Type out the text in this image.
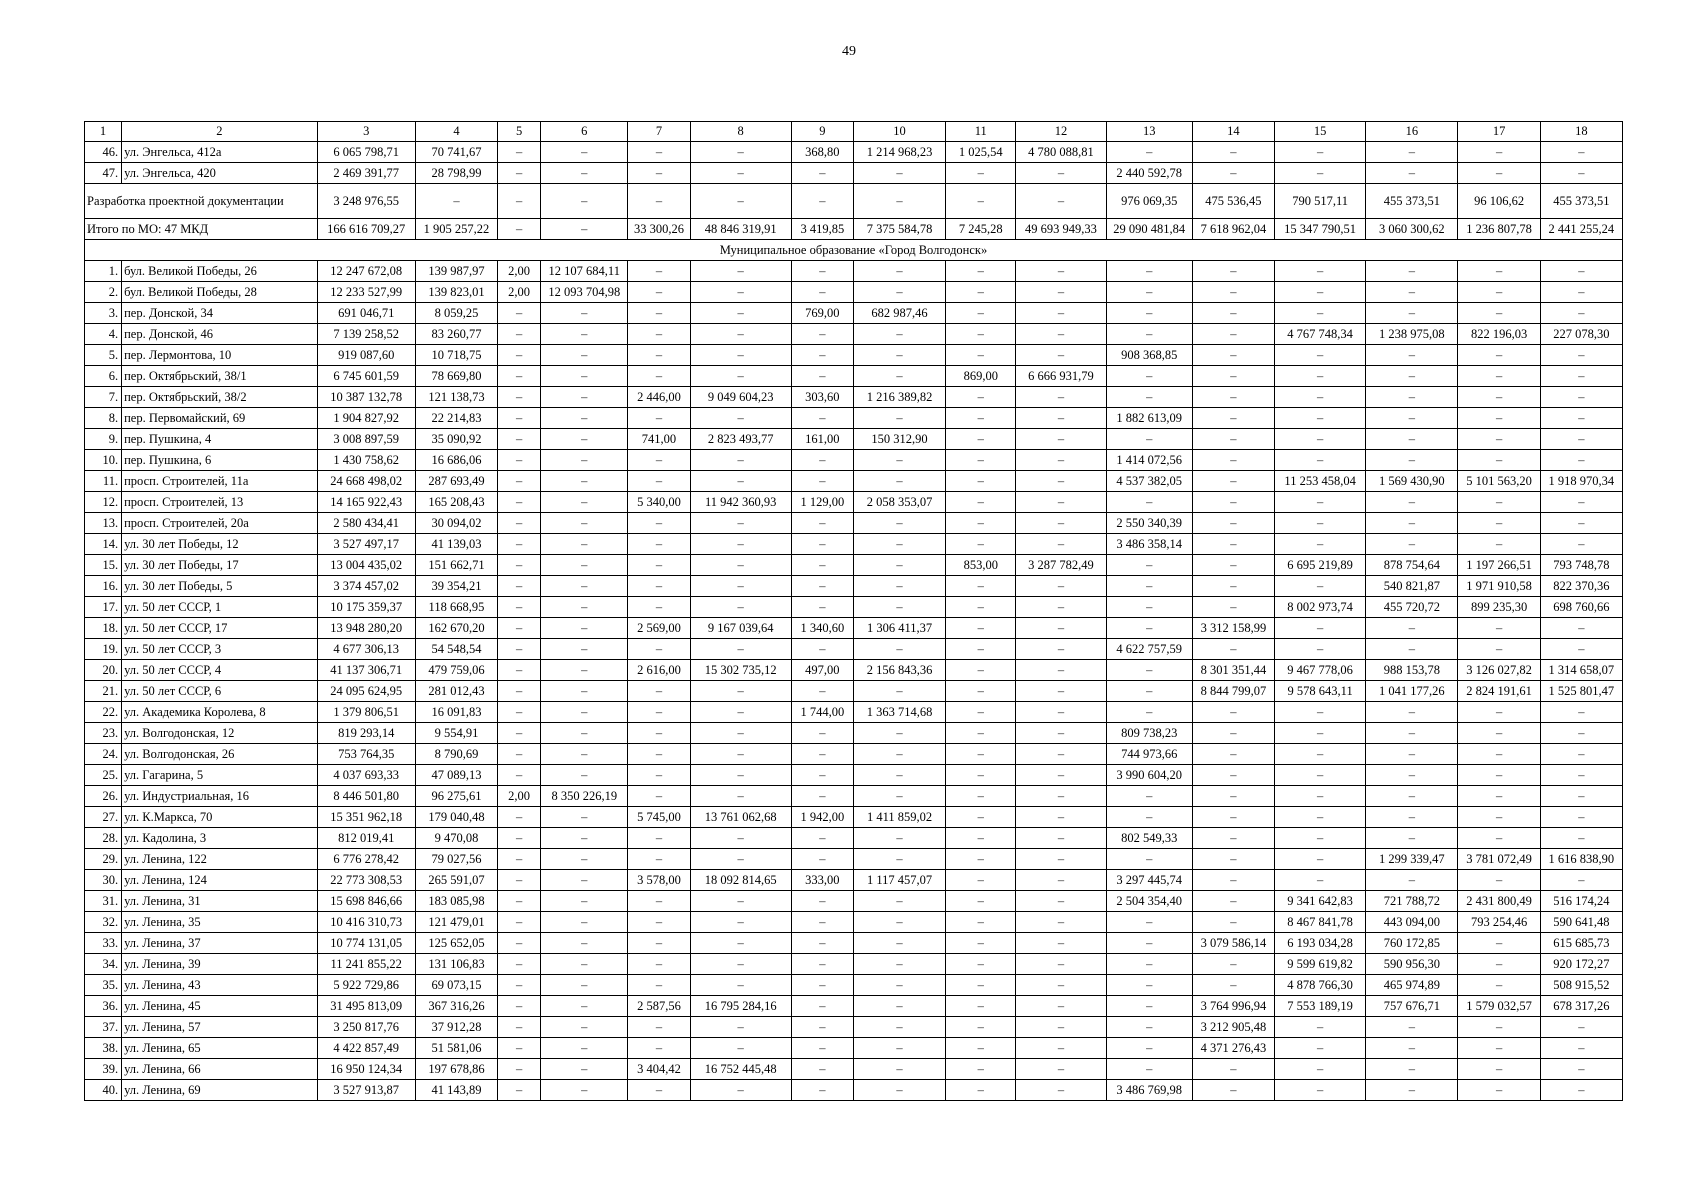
49
1	2	3	4	5	6	7	8	9	10	11	12	13	14	15	16	17	18
46.	ул. Энгельса, 412а	6 065 798,71	70 741,67	–	–	–	–	368,80	1 214 968,23	1 025,54	4 780 088,81	–	–	–	–	–	–
47.	ул. Энгельса, 420	2 469 391,77	28 798,99	–	–	–	–	–	–	–	–	2 440 592,78	–	–	–	–	–
Разработка проектной документации		3 248 976,55	–	–	–	–	–	–	–	–	–	976 069,35	475 536,45	790 517,11	455 373,51	96 106,62	455 373,51
Итого по МО: 47 МКД		166 616 709,27	1 905 257,22	–	–	33 300,26	48 846 319,91	3 419,85	7 375 584,78	7 245,28	49 693 949,33	29 090 481,84	7 618 962,04	15 347 790,51	3 060 300,62	1 236 807,78	2 441 255,24
Муниципальное образование «Город Волгодонск»																	
1.	бул. Великой Победы, 26	12 247 672,08	139 987,97	2,00	12 107 684,11	–	–	–	–	–	–	–	–	–	–	–	–
2.	бул. Великой Победы, 28	12 233 527,99	139 823,01	2,00	12 093 704,98	–	–	–	–	–	–	–	–	–	–	–	–
3.	пер. Донской, 34	691 046,71	8 059,25	–	–	–	–	769,00	682 987,46	–	–	–	–	–	–	–	–
4.	пер. Донской, 46	7 139 258,52	83 260,77	–	–	–	–	–	–	–	–	–	–	4 767 748,34	1 238 975,08	822 196,03	227 078,30
5.	пер. Лермонтова, 10	919 087,60	10 718,75	–	–	–	–	–	–	–	–	908 368,85	–	–	–	–	–
6.	пер. Октябрьский, 38/1	6 745 601,59	78 669,80	–	–	–	–	–	–	869,00	6 666 931,79	–	–	–	–	–	–
7.	пер. Октябрьский, 38/2	10 387 132,78	121 138,73	–	–	2 446,00	9 049 604,23	303,60	1 216 389,82	–	–	–	–	–	–	–	–
8.	пер. Первомайский, 69	1 904 827,92	22 214,83	–	–	–	–	–	–	–	–	1 882 613,09	–	–	–	–	–
9.	пер. Пушкина, 4	3 008 897,59	35 090,92	–	–	741,00	2 823 493,77	161,00	150 312,90	–	–	–	–	–	–	–	–
10.	пер. Пушкина, 6	1 430 758,62	16 686,06	–	–	–	–	–	–	–	–	1 414 072,56	–	–	–	–	–
11.	просп. Строителей, 11а	24 668 498,02	287 693,49	–	–	–	–	–	–	–	–	4 537 382,05	–	11 253 458,04	1 569 430,90	5 101 563,20	1 918 970,34
12.	просп. Строителей, 13	14 165 922,43	165 208,43	–	–	5 340,00	11 942 360,93	1 129,00	2 058 353,07	–	–	–	–	–	–	–	–
13.	просп. Строителей, 20а	2 580 434,41	30 094,02	–	–	–	–	–	–	–	–	2 550 340,39	–	–	–	–	–
14.	ул. 30 лет Победы, 12	3 527 497,17	41 139,03	–	–	–	–	–	–	–	–	3 486 358,14	–	–	–	–	–
15.	ул. 30 лет Победы, 17	13 004 435,02	151 662,71	–	–	–	–	–	–	853,00	3 287 782,49	–	–	6 695 219,89	878 754,64	1 197 266,51	793 748,78
16.	ул. 30 лет Победы, 5	3 374 457,02	39 354,21	–	–	–	–	–	–	–	–	–	–	–	540 821,87	1 971 910,58	822 370,36
17.	ул. 50 лет СССР, 1	10 175 359,37	118 668,95	–	–	–	–	–	–	–	–	–	–	8 002 973,74	455 720,72	899 235,30	698 760,66
18.	ул. 50 лет СССР, 17	13 948 280,20	162 670,20	–	–	2 569,00	9 167 039,64	1 340,60	1 306 411,37	–	–	–	3 312 158,99	–	–	–	–
19.	ул. 50 лет СССР, 3	4 677 306,13	54 548,54	–	–	–	–	–	–	–	–	4 622 757,59	–	–	–	–	–
20.	ул. 50 лет СССР, 4	41 137 306,71	479 759,06	–	–	2 616,00	15 302 735,12	497,00	2 156 843,36	–	–	–	8 301 351,44	9 467 778,06	988 153,78	3 126 027,82	1 314 658,07
21.	ул. 50 лет СССР, 6	24 095 624,95	281 012,43	–	–	–	–	–	–	–	–	–	8 844 799,07	9 578 643,11	1 041 177,26	2 824 191,61	1 525 801,47
22.	ул. Академика Королева, 8	1 379 806,51	16 091,83	–	–	–	–	1 744,00	1 363 714,68	–	–	–	–	–	–	–	–
23.	ул. Волгодонская, 12	819 293,14	9 554,91	–	–	–	–	–	–	–	–	809 738,23	–	–	–	–	–
24.	ул. Волгодонская, 26	753 764,35	8 790,69	–	–	–	–	–	–	–	–	744 973,66	–	–	–	–	–
25.	ул. Гагарина, 5	4 037 693,33	47 089,13	–	–	–	–	–	–	–	–	3 990 604,20	–	–	–	–	–
26.	ул. Индустриальная, 16	8 446 501,80	96 275,61	2,00	8 350 226,19	–	–	–	–	–	–	–	–	–	–	–	–
27.	ул. К.Маркса, 70	15 351 962,18	179 040,48	–	–	5 745,00	13 761 062,68	1 942,00	1 411 859,02	–	–	–	–	–	–	–	–
28.	ул. Кадолина, 3	812 019,41	9 470,08	–	–	–	–	–	–	–	–	802 549,33	–	–	–	–	–
29.	ул. Ленина, 122	6 776 278,42	79 027,56	–	–	–	–	–	–	–	–	–	–	–	1 299 339,47	3 781 072,49	1 616 838,90
30.	ул. Ленина, 124	22 773 308,53	265 591,07	–	–	3 578,00	18 092 814,65	333,00	1 117 457,07	–	–	3 297 445,74	–	–	–	–	–
31.	ул. Ленина, 31	15 698 846,66	183 085,98	–	–	–	–	–	–	–	–	2 504 354,40	–	9 341 642,83	721 788,72	2 431 800,49	516 174,24
32.	ул. Ленина, 35	10 416 310,73	121 479,01	–	–	–	–	–	–	–	–	–	–	8 467 841,78	443 094,00	793 254,46	590 641,48
33.	ул. Ленина, 37	10 774 131,05	125 652,05	–	–	–	–	–	–	–	–	–	3 079 586,14	6 193 034,28	760 172,85	–	615 685,73
34.	ул. Ленина, 39	11 241 855,22	131 106,83	–	–	–	–	–	–	–	–	–	–	9 599 619,82	590 956,30	–	920 172,27
35.	ул. Ленина, 43	5 922 729,86	69 073,15	–	–	–	–	–	–	–	–	–	–	4 878 766,30	465 974,89	–	508 915,52
36.	ул. Ленина, 45	31 495 813,09	367 316,26	–	–	2 587,56	16 795 284,16	–	–	–	–	–	3 764 996,94	7 553 189,19	757 676,71	1 579 032,57	678 317,26
37.	ул. Ленина, 57	3 250 817,76	37 912,28	–	–	–	–	–	–	–	–	–	3 212 905,48	–	–	–	–
38.	ул. Ленина, 65	4 422 857,49	51 581,06	–	–	–	–	–	–	–	–	–	4 371 276,43	–	–	–	–
39.	ул. Ленина, 66	16 950 124,34	197 678,86	–	–	3 404,42	16 752 445,48	–	–	–	–	–	–	–	–	–	–
40.	ул. Ленина, 69	3 527 913,87	41 143,89	–	–	–	–	–	–	–	–	3 486 769,98	–	–	–	–	–
